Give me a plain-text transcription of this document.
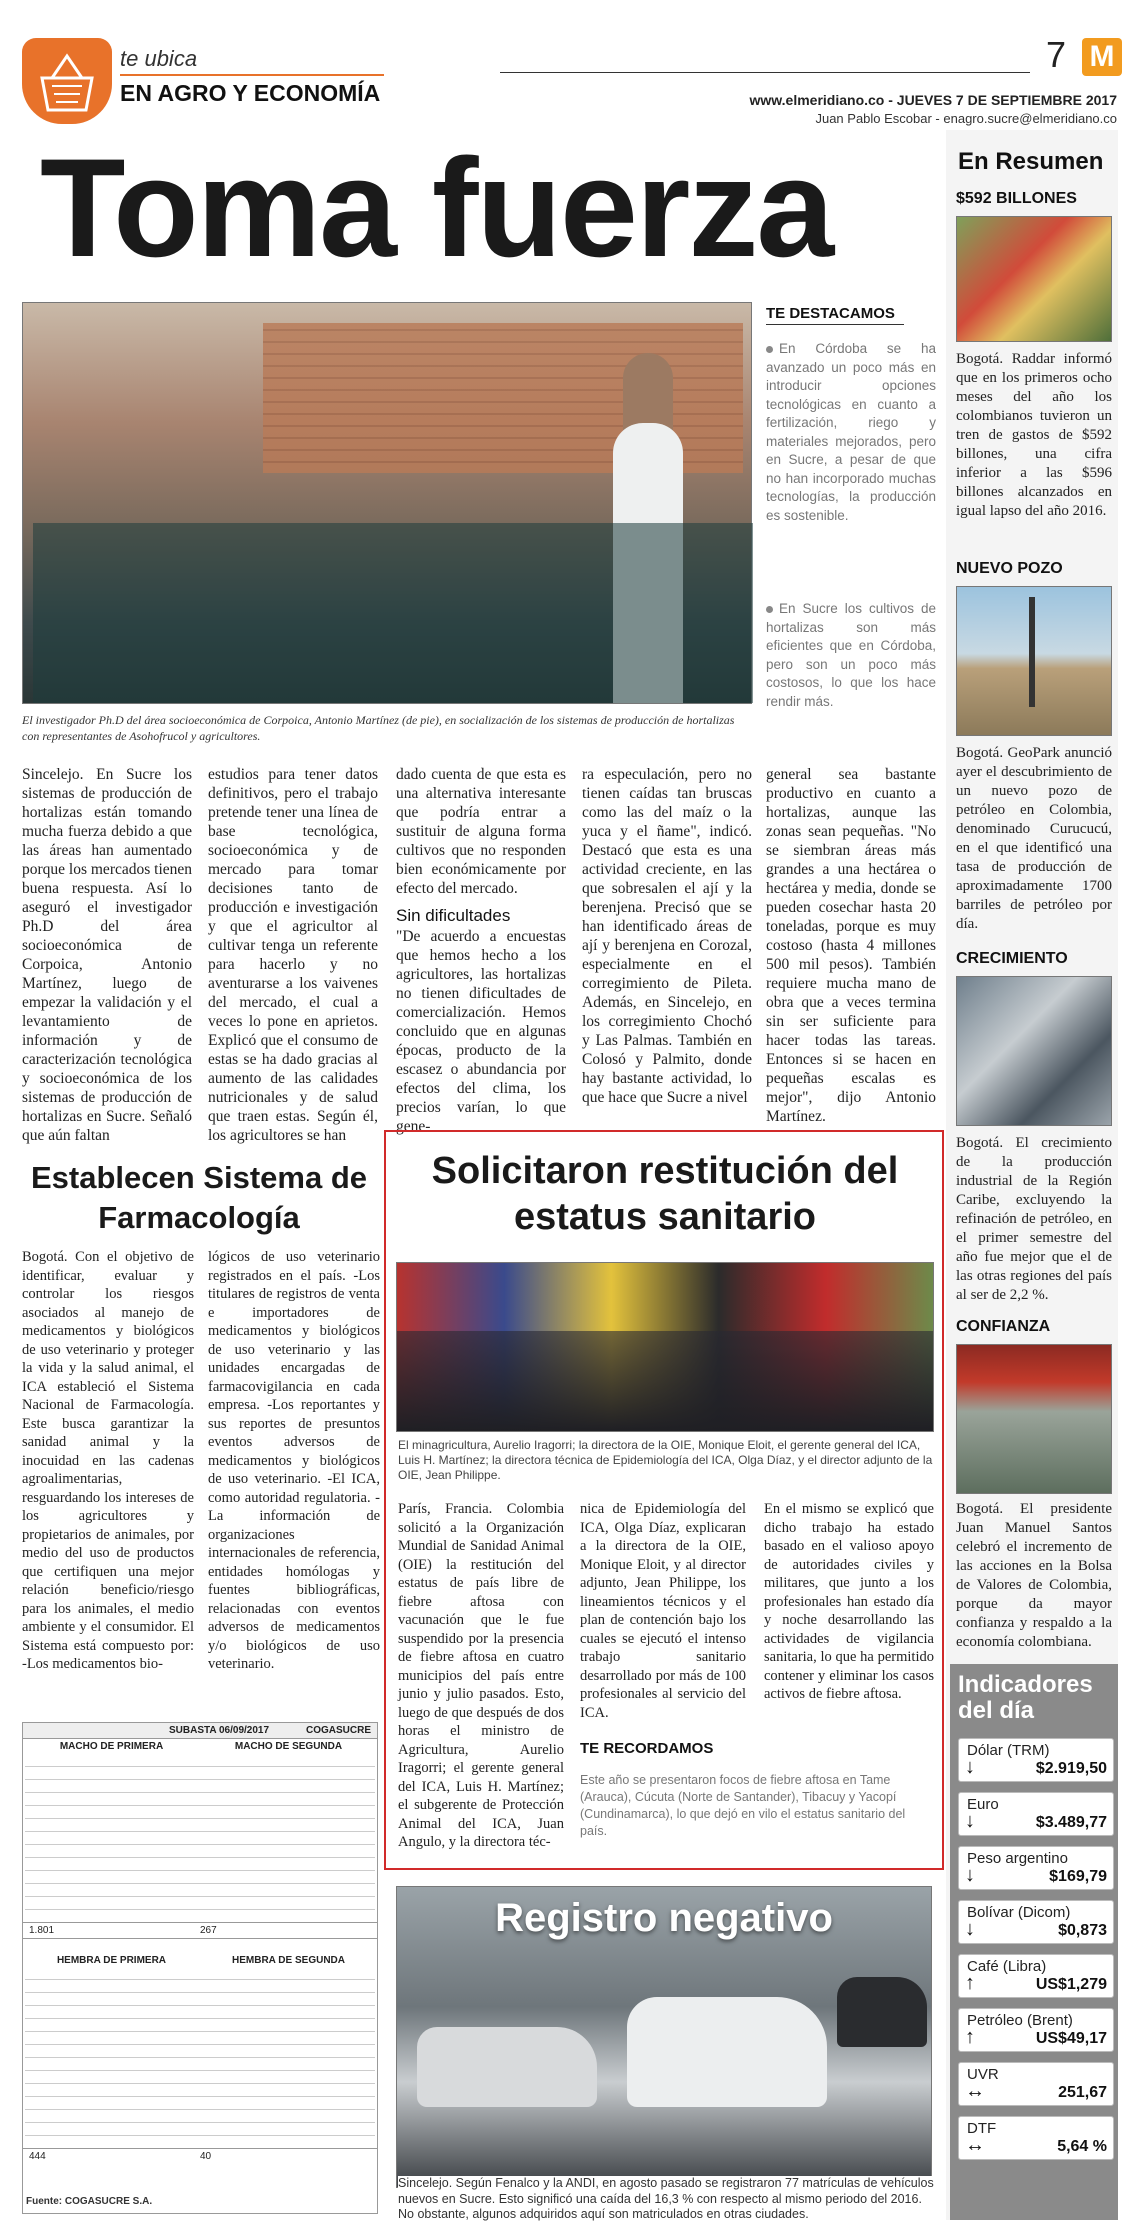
te ubica
EN AGRO Y ECONOMÍA
7 M
www.elmeridiano.co - JUEVES 7 DE SEPTIEMBRE 2017
Juan Pablo Escobar - enagro.sucre@elmeridiano.co
Toma fuerza
El investigador Ph.D del área socioeconómica de Corpoica, Antonio Martínez (de pie), en socialización de los sistemas de producción de hortalizas con representantes de Asohofrucol y agricultores.
TE DESTACAMOS
En Córdoba se ha avanzado un poco más en introducir opciones tecnológicas en cuanto a fertilización, riego y materiales mejorados, pero en Sucre, a pesar de que no han incorporado muchas tecnologías, la producción es sostenible.
En Sucre los cultivos de hortalizas son más eficientes que en Córdoba, pero son un poco más costosos, lo que los hace rendir más.
Sincelejo. En Sucre los sistemas de producción de hortalizas están tomando mucha fuerza debido a que las áreas han aumentado porque los mercados tienen buena respuesta. Así lo aseguró el investigador Ph.D del área socioeconómica de Corpoica, Antonio Martínez, luego de empezar la validación y el levantamiento de información y de caracterización tecnológica y socioeconómica de los sistemas de producción de hortalizas en Sucre. Señaló que aún faltan
estudios para tener datos definitivos, pero el trabajo pretende tener una línea de base tecnológica, socioeconómica y de mercado para tomar decisiones tanto de producción e investigación y que el agricultor al cultivar tenga un referente para hacerlo y no aventurarse a los vaivenes del mercado, el cual a veces lo pone en aprietos. Explicó que el consumo de estas se ha dado gracias al aumento de las calidades nutricionales y de salud que traen estas. Según él, los agricultores se han
dado cuenta de que esta es una alternativa interesante que podría entrar a sustituir de alguna forma cultivos que no responden bien económicamente por efecto del mercado.
Sin dificultades
"De acuerdo a encuestas que hemos hecho a los agricultores, las hortalizas no tienen dificultades de comercialización. Hemos concluido que en algunas épocas, producto de la escasez o abundancia por efectos del clima, los precios varían, lo que gene-
ra especulación, pero no tienen caídas tan bruscas como las del maíz o la yuca y el ñame", indicó. Destacó que esta es una actividad creciente, en las que sobresalen el ají y la berenjena. Precisó que se han identificado áreas de ají y berenjena en Corozal, especialmente en el corregimiento de Pileta. Además, en Sincelejo, en los corregimiento Chochó y Las Palmas. También en Colosó y Palmito, donde hay bastante actividad, lo que hace que Sucre a nivel
general sea bastante productivo en cuanto a hortalizas, aunque las zonas sean pequeñas. "No se siembran áreas más grandes a una hectárea o hectárea y media, donde se pueden cosechar hasta 20 toneladas, porque es muy costoso (hasta 4 millones 500 mil pesos). También requiere mucha mano de obra que a veces termina sin ser suficiente para hacer todas las tareas. Entonces si se hacen en pequeñas escalas es mejor", dijo Antonio Martínez.
Establecen Sistema de Farmacología
Bogotá. Con el objetivo de identificar, evaluar y controlar los riesgos asociados al manejo de medicamentos y biológicos de uso veterinario y proteger la vida y la salud animal, el ICA estableció el Sistema Nacional de Farmacología. Este busca garantizar la sanidad animal y la inocuidad en las cadenas agroalimentarias, resguardando los intereses de los agricultores y propietarios de animales, por medio del uso de productos que certifiquen una mejor relación beneficio/riesgo para los animales, el medio ambiente y el consumidor. El Sistema está compuesto por: -Los medicamentos bio-
lógicos de uso veterinario registrados en el país. -Los titulares de registros de venta e importadores de medicamentos y biológicos de uso veterinario y las unidades encargadas de farmacovigilancia en cada empresa. -Los reportantes y sus reportes de presuntos eventos adversos de medicamentos y biológicos de uso veterinario. -El ICA, como autoridad regulatoria. -La información de organizaciones internacionales de referencia, entidades homólogas y fuentes bibliográficas, relacionadas con eventos adversos de medicamentos y/o biológicos de uso veterinario.
SUBASTA 06/09/2017	COGASUCRE
MACHO DE PRIMERA	MACHO DE SEGUNDA
1.801	267
HEMBRA DE PRIMERA	HEMBRA DE SEGUNDA
444	40
Fuente: COGASUCRE S.A.
Solicitaron restitución del estatus sanitario
El minagricultura, Aurelio Iragorri; la directora de la OIE, Monique Eloit, el gerente general del ICA, Luis H. Martínez; la directora técnica de Epidemiología del ICA, Olga Díaz, y el director adjunto de la OIE, Jean Philippe.
París, Francia. Colombia solicitó a la Organización Mundial de Sanidad Animal (OIE) la restitución del estatus de país libre de fiebre aftosa con vacunación que le fue suspendido por la presencia de fiebre aftosa en cuatro municipios del país entre junio y julio pasados. Esto, luego de que después de dos horas el ministro de Agricultura, Aurelio Iragorri; el gerente general del ICA, Luis H. Martínez; el subgerente de Protección Animal del ICA, Juan Angulo, y la directora téc-
nica de Epidemiología del ICA, Olga Díaz, explicaran a la directora de la OIE, Monique Eloit, y al director adjunto, Jean Philippe, los lineamientos técnicos y el plan de contención bajo los cuales se ejecutó el intenso trabajo sanitario desarrollado por más de 100 profesionales al servicio del ICA.
En el mismo se explicó que dicho trabajo ha estado basado en el valioso apoyo de autoridades civiles y militares, que junto a los profesionales han estado día y noche desarrollando las actividades de vigilancia sanitaria, lo que ha permitido contener y eliminar los casos activos de fiebre aftosa.
TE RECORDAMOS
Este año se presentaron focos de fiebre aftosa en Tame (Arauca), Cúcuta (Norte de Santander), Tibacuy y Yacopí (Cundinamarca), lo que dejó en vilo el estatus sanitario del país.
Registro negativo
Sincelejo. Según Fenalco y la ANDI, en agosto pasado se registraron 77 matrículas de vehículos nuevos en Sucre. Esto significó una caída del 16,3 % con respecto al mismo periodo del 2016. No obstante, algunos adquiridos aquí son matriculados en otras ciudades.
En Resumen
$592 BILLONES
Bogotá. Raddar informó que en los primeros ocho meses del año los colombianos tuvieron un tren de gastos de $592 billones, una cifra inferior a las $596 billones alcanzados en igual lapso del año 2016.
NUEVO POZO
Bogotá. GeoPark anunció ayer el descubrimiento de un nuevo pozo de petróleo en Colombia, denominado Curucucú, en el que identificó una tasa de producción de aproximadamente 1700 barriles de petróleo por día.
CRECIMIENTO
Bogotá. El crecimiento de la producción industrial de la Región Caribe, excluyendo la refinación de petróleo, en el primer semestre del año fue mejor que el de las otras regiones del país al ser de 2,2 %.
CONFIANZA
Bogotá. El presidente Juan Manuel Santos celebró el incremento de las acciones en la Bolsa de Valores de Colombia, porque da mayor confianza y respaldo a la economía colombiana.
Indicadores del día
Dólar (TRM)
↓	$2.919,50
Euro
↓	$3.489,77
Peso argentino
↓	$169,79
Bolívar (Dicom)
↓	$0,873
Café (Libra)
↑	US$1,279
Petróleo (Brent)
↑	US$49,17
UVR
↔	251,67
DTF
↔	5,64 %
